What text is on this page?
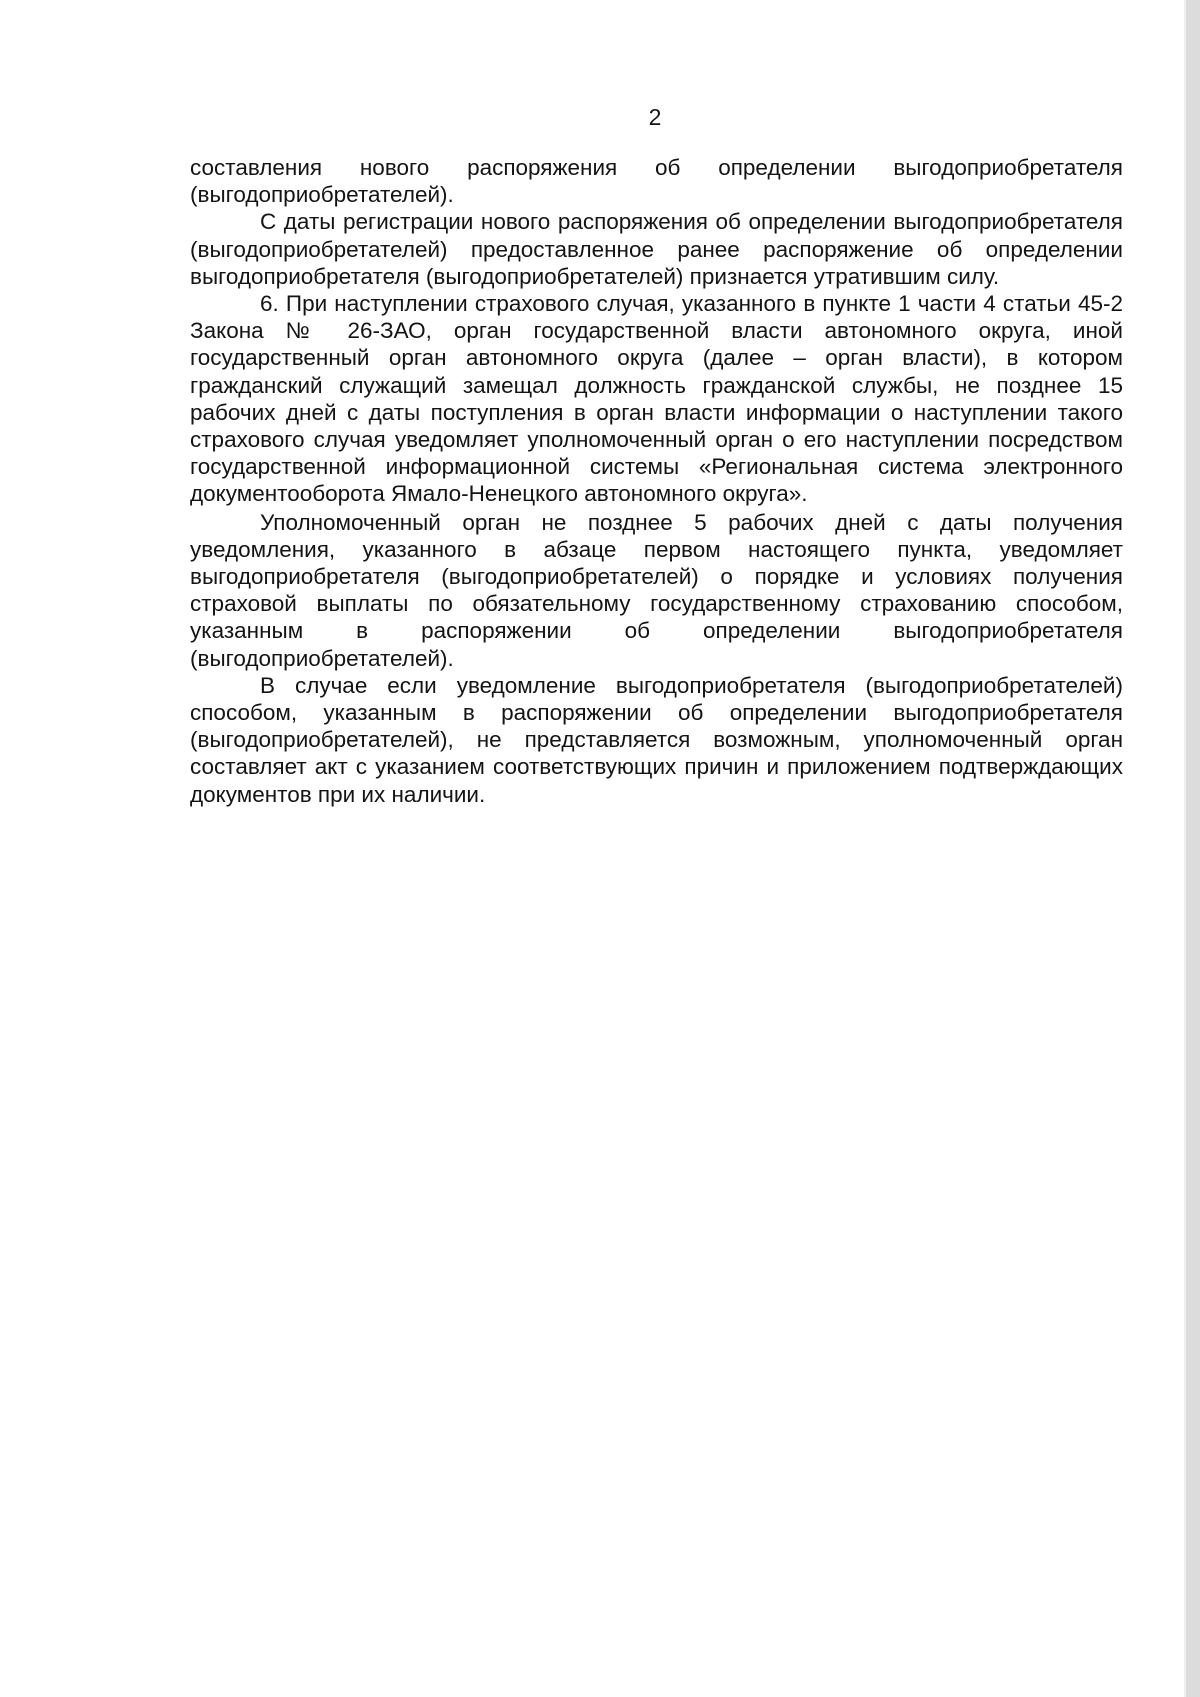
2

составления нового распоряжения об определении выгодоприобретателя (выгодоприобретателей).

С даты регистрации нового распоряжения об определении выгодоприобретателя (выгодоприобретателей) предоставленное ранее распоряжение об определении выгодоприобретателя (выгодоприобретателей) признается утратившим силу.

6. При наступлении страхового случая, указанного в пункте 1 части 4 статьи 45-2 Закона № 26-ЗАО, орган государственной власти автономного округа, иной государственный орган автономного округа (далее – орган власти), в котором гражданский служащий замещал должность гражданской службы, не позднее 15 рабочих дней с даты поступления в орган власти информации о наступлении такого страхового случая уведомляет уполномоченный орган о его наступлении посредством государственной информационной системы «Региональная система электронного документооборота Ямало-Ненецкого автономного округа».

Уполномоченный орган не позднее 5 рабочих дней с даты получения уведомления, указанного в абзаце первом настоящего пункта, уведомляет выгодоприобретателя (выгодоприобретателей) о порядке и условиях получения страховой выплаты по обязательному государственному страхованию способом, указанным в распоряжении об определении выгодоприобретателя (выгодоприобретателей).

В случае если уведомление выгодоприобретателя (выгодоприобретателей) способом, указанным в распоряжении об определении выгодоприобретателя (выгодоприобретателей), не представляется возможным, уполномоченный орган составляет акт с указанием соответствующих причин и приложением подтверждающих документов при их наличии.
